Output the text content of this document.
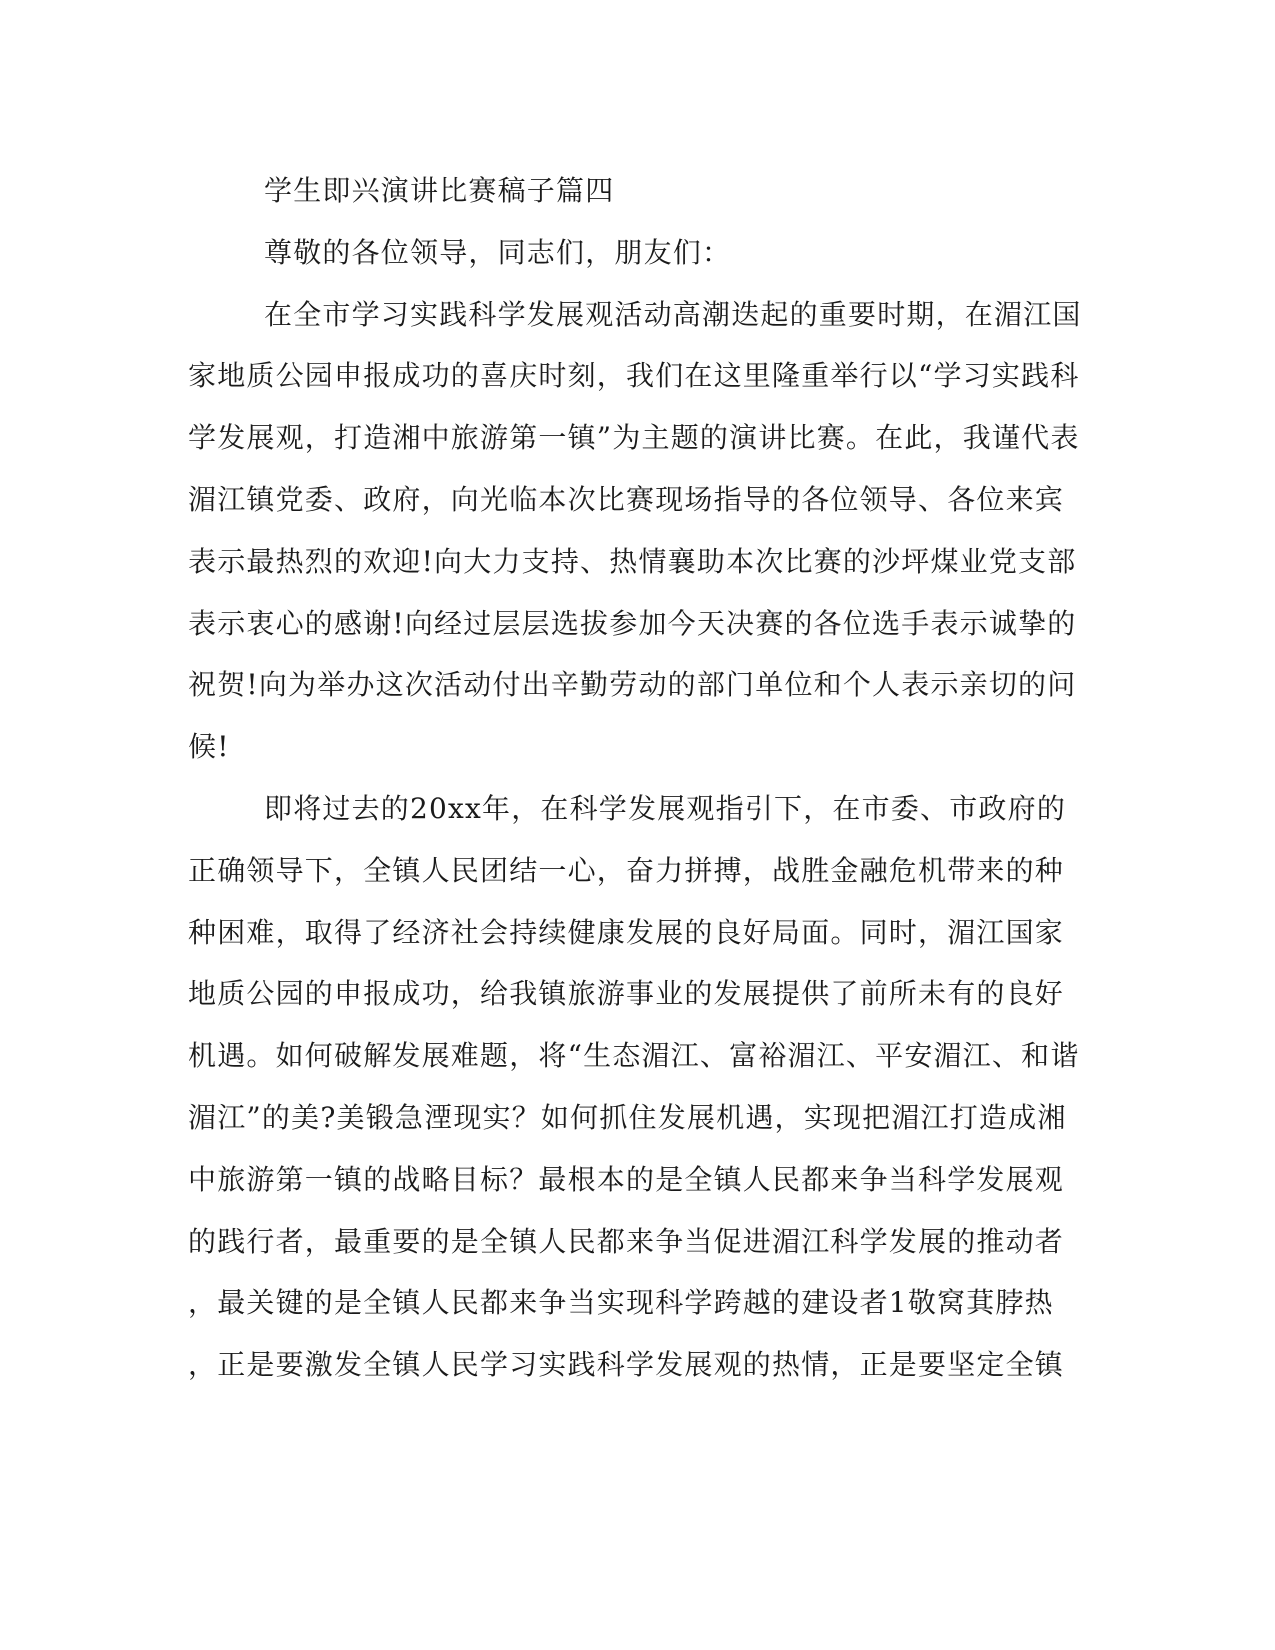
学生即兴演讲比赛稿子篇四
尊敬的各位领导，同志们，朋友们：
在全市学习实践科学发展观活动高潮迭起的重要时期，在湄江国
家地质公园申报成功的喜庆时刻，我们在这里隆重举行以“学习实践科
学发展观，打造湘中旅游第一镇”为主题的演讲比赛。在此，我谨代表
湄江镇党委、政府，向光临本次比赛现场指导的各位领导、各位来宾
表示最热烈的欢迎!向大力支持、热情襄助本次比赛的沙坪煤业党支部
表示衷心的感谢!向经过层层选拔参加今天决赛的各位选手表示诚挚的
祝贺!向为举办这次活动付出辛勤劳动的部门单位和个人表示亲切的问
候!
即将过去的20xx年，在科学发展观指引下，在市委、市政府的
正确领导下，全镇人民团结一心，奋力拼搏，战胜金融危机带来的种
种困难，取得了经济社会持续健康发展的良好局面。同时，湄江国家
地质公园的申报成功，给我镇旅游事业的发展提供了前所未有的良好
机遇。如何破解发展难题，将“生态湄江、富裕湄江、平安湄江、和谐
湄江”的美?美锻急湮现实？如何抓住发展机遇，实现把湄江打造成湘
中旅游第一镇的战略目标？最根本的是全镇人民都来争当科学发展观
的践行者，最重要的是全镇人民都来争当促进湄江科学发展的推动者
，最关键的是全镇人民都来争当实现科学跨越的建设者1敬窝萁脖热
，正是要激发全镇人民学习实践科学发展观的热情，正是要坚定全镇
